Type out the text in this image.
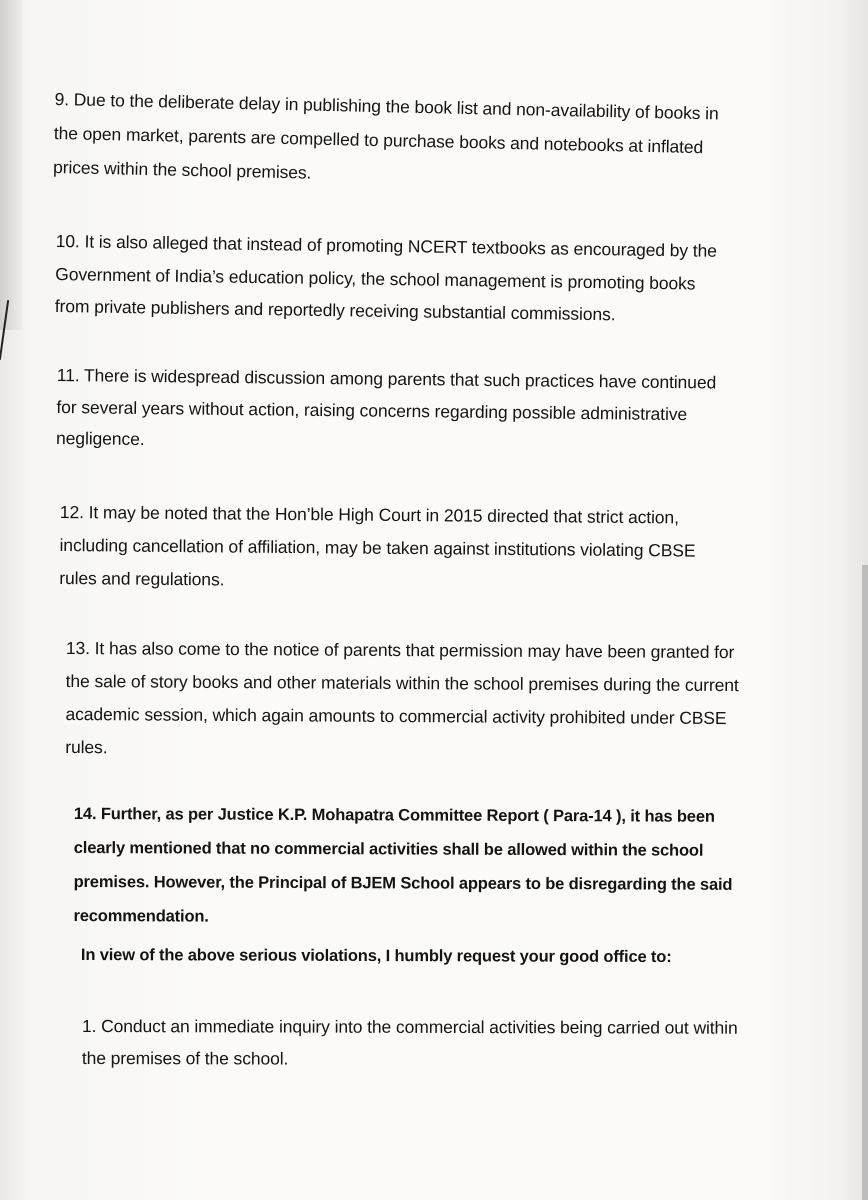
9. Due to the deliberate delay in publishing the book list and non-availability of books in
the open market, parents are compelled to purchase books and notebooks at inflated
prices within the school premises.
10. It is also alleged that instead of promoting NCERT textbooks as encouraged by the
Government of India’s education policy, the school management is promoting books
from private publishers and reportedly receiving substantial commissions.
11. There is widespread discussion among parents that such practices have continued
for several years without action, raising concerns regarding possible administrative
negligence.
12. It may be noted that the Hon’ble High Court in 2015 directed that strict action,
including cancellation of affiliation, may be taken against institutions violating CBSE
rules and regulations.
13. It has also come to the notice of parents that permission may have been granted for
the sale of story books and other materials within the school premises during the current
academic session, which again amounts to commercial activity prohibited under CBSE
rules.
14. Further, as per Justice K.P. Mohapatra Committee Report ( Para-14 ), it has been
clearly mentioned that no commercial activities shall be allowed within the school
premises. However, the Principal of BJEM School appears to be disregarding the said
recommendation.
In view of the above serious violations, I humbly request your good office to:
1. Conduct an immediate inquiry into the commercial activities being carried out within
the premises of the school.
